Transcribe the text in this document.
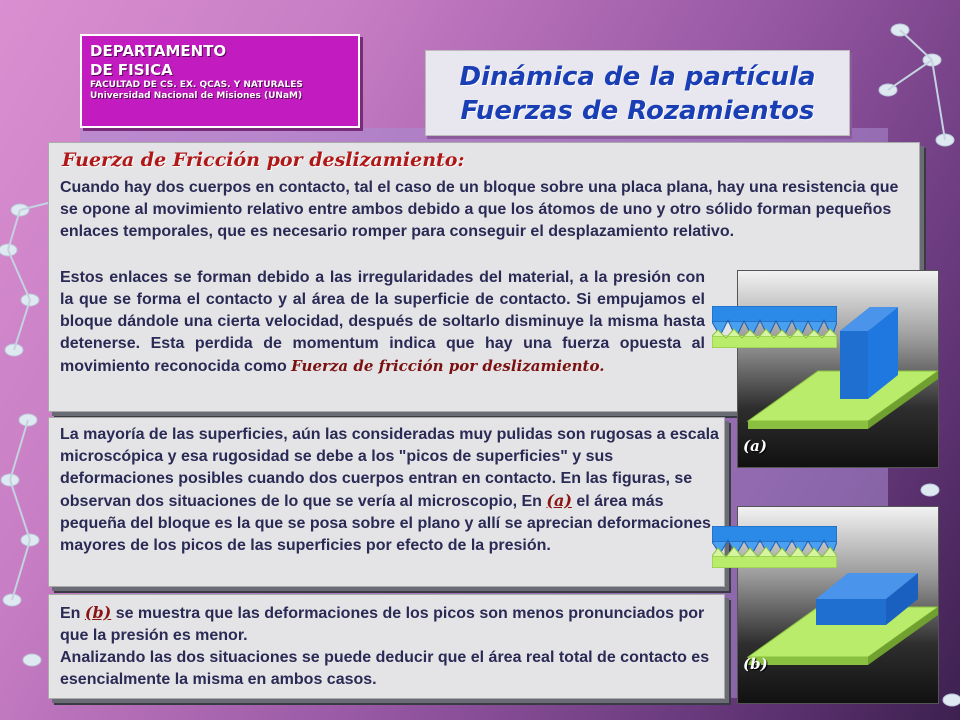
DEPARTAMENTO
DE FISICA
FACULTAD DE CS. EX. QCAS. Y NATURALES
Universidad Nacional de Misiones (UNaM)
Dinámica de la partícula
Fuerzas de Rozamientos
Fuerza de Fricción por deslizamiento:
Cuando hay dos cuerpos en contacto, tal el caso de un bloque sobre una placa plana, hay una resistencia que se opone al movimiento relativo entre ambos debido a que los átomos de uno y otro sólido forman pequeños enlaces temporales, que es necesario romper para conseguir el desplazamiento relativo.
Estos enlaces se forman debido a las irregularidades del material, a la presión con la que se forma el contacto y al área de la superficie de contacto. Si empujamos el bloque dándole una cierta velocidad, después de soltarlo disminuye la misma hasta detenerse. Esta perdida de momentum indica que hay una fuerza opuesta al movimiento reconocida como Fuerza de fricción por deslizamiento.
La mayoría de las superficies, aún las consideradas muy pulidas son rugosas a escala microscópica y esa rugosidad se debe a los "picos de superficies" y sus deformaciones posibles cuando dos cuerpos entran en contacto. En las figuras, se observan dos situaciones de lo que se vería al microscopio, En (a) el área más pequeña del bloque es la que se posa sobre el plano y allí se aprecian deformaciones mayores de los picos de las superficies por efecto de la presión.
En (b) se muestra que las deformaciones de los picos son menos pronunciados por que la presión es menor.
Analizando las dos situaciones se puede deducir que el área real total de contacto es esencialmente la misma en ambos casos.
(a)
(b)
